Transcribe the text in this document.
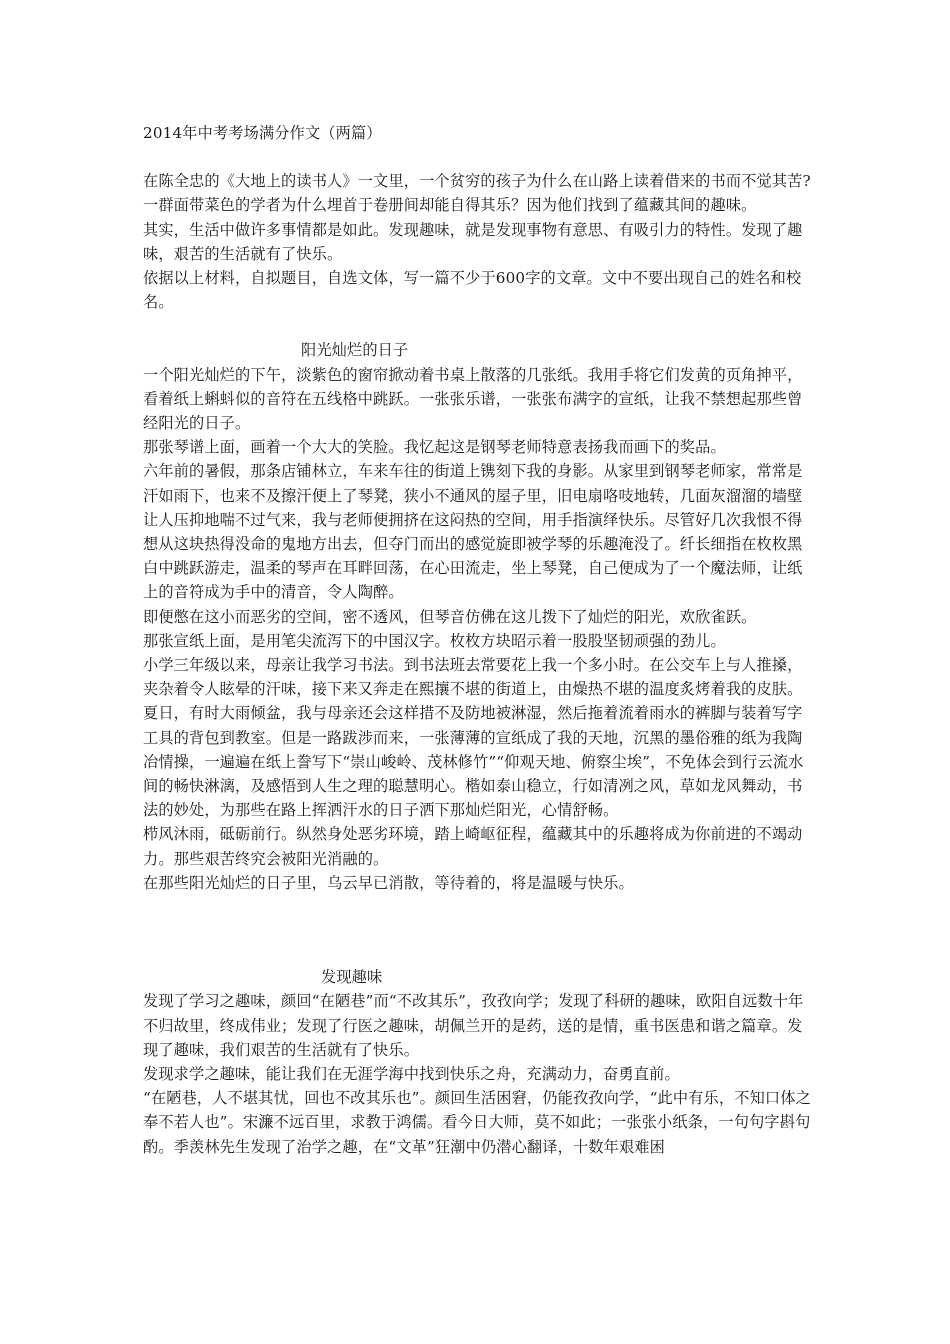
2014年中考考场满分作文（两篇）

在陈全忠的《大地上的读书人》一文里，一个贫穷的孩子为什么在山路上读着借来的书而不觉其苦?一群面带菜色的学者为什么埋首于卷册间却能自得其乐？因为他们找到了蕴藏其间的趣味。

其实，生活中做许多事情都是如此。发现趣味，就是发现事物有意思、有吸引力的特性。发现了趣味，艰苦的生活就有了快乐。

依据以上材料，自拟题目，自选文体，写一篇不少于600字的文章。文中不要出现自己的姓名和校名。

阳光灿烂的日子

一个阳光灿烂的下午，淡紫色的窗帘掀动着书桌上散落的几张纸。我用手将它们发黄的页角抻平，看着纸上蝌蚪似的音符在五线格中跳跃。一张张乐谱，一张张布满字的宣纸，让我不禁想起那些曾经阳光的日子。

那张琴谱上面，画着一个大大的笑脸。我忆起这是钢琴老师特意表扬我而画下的奖品。

六年前的暑假，那条店铺林立，车来车往的街道上镌刻下我的身影。从家里到钢琴老师家，常常是汗如雨下，也来不及擦汗便上了琴凳，狭小不通风的屋子里，旧电扇咯吱地转，几面灰溜溜的墙壁让人压抑地喘不过气来，我与老师便拥挤在这闷热的空间，用手指演绎快乐。尽管好几次我恨不得想从这块热得没命的鬼地方出去，但夺门而出的感觉旋即被学琴的乐趣淹没了。纤长细指在枚枚黑白中跳跃游走，温柔的琴声在耳畔回荡，在心田流走，坐上琴凳，自己便成为了一个魔法师，让纸上的音符成为手中的清音，令人陶醉。

即便憋在这小而恶劣的空间，密不透风，但琴音仿佛在这儿拨下了灿烂的阳光，欢欣雀跃。

那张宣纸上面，是用笔尖流泻下的中国汉字。枚枚方块昭示着一股股坚韧顽强的劲儿。

小学三年级以来，母亲让我学习书法。到书法班去常要花上我一个多小时。在公交车上与人推搡，夹杂着令人眩晕的汗味，接下来又奔走在熙攘不堪的街道上，由燥热不堪的温度炙烤着我的皮肤。夏日，有时大雨倾盆，我与母亲还会这样措不及防地被淋湿，然后拖着流着雨水的裤脚与装着写字工具的背包到教室。但是一路跋涉而来，一张薄薄的宣纸成了我的天地，沉黑的墨俗雅的纸为我陶冶情操，一遍遍在纸上誊写下“崇山峻岭、茂林修竹”“仰观天地、俯察尘埃”，不免体会到行云流水间的畅快淋漓，及感悟到人生之理的聪慧明心。楷如泰山稳立，行如清冽之风，草如龙风舞动，书法的妙处，为那些在路上挥洒汗水的日子洒下那灿烂阳光，心情舒畅。

栉风沐雨，砥砺前行。纵然身处恶劣环境，踏上崎岖征程，蕴藏其中的乐趣将成为你前进的不竭动力。那些艰苦终究会被阳光消融的。

在那些阳光灿烂的日子里，乌云早已消散，等待着的，将是温暖与快乐。

发现趣味

发现了学习之趣味，颜回“在陋巷”而“不改其乐”，孜孜向学；发现了科研的趣味，欧阳自远数十年不归故里，终成伟业；发现了行医之趣味，胡佩兰开的是药，送的是情，重书医患和谐之篇章。发现了趣味，我们艰苦的生活就有了快乐。

发现求学之趣味，能让我们在无涯学海中找到快乐之舟，充满动力，奋勇直前。

“在陋巷，人不堪其忧，回也不改其乐也”。颜回生活困窘，仍能孜孜向学，“此中有乐，不知口体之奉不若人也”。宋濂不远百里，求教于鸿儒。看今日大师，莫不如此；一张张小纸条，一句句字斟句酌。季羡林先生发现了治学之趣，在“文革”狂潮中仍潜心翻译，十数年艰难困
